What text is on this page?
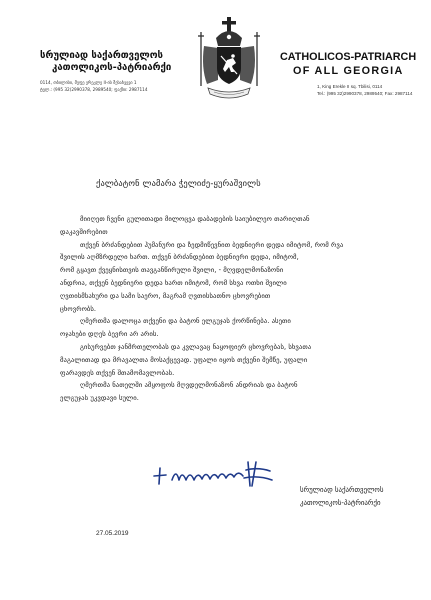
სრულიად საქართველოს
კათოლიკოს-პატრიარქი
0114, თბილისი, მეფე ერეკლე II-ის შესახვევი 1
ტელ.: (995 32)2990378, 2989540; ფაქსი: 2987114
CATHOLICOS-PATRIARCH
OF ALL GEORGIA
1, King Erekle II sq. Tbilisi, 0114
Tel.: (995 32)2990378, 2989540; Fax: 2987114
ქალბატონ ლამარა ჭელიძე-ყურაშვილს
მიიღეთ ჩვენი გულითადი მილოცვა დაბადების საიუბილეო თარიღთან
დაკავშირებით
თქვენ ბრძანდებით ჰუმანური და ზედმიწევნით ბედნიერი დედა იმიტომ, რომ რვა
შვილის აღმზრდელი ხართ. თქვენ ბრძანდებით ბედნიერი დედა, იმიტომ,
რომ გყავთ ქვეყნისთვის თავგანწირული შვილი, - მღვდელმონაზონი
ანდრია, თქვენ ბედნიერი დედა ხართ იმიტომ, რომ სხვა ოთხი შვილი
ღვთისმსახური და სამი საერო, მაგრამ ღვთისსათნო ცხოვრებით
ცხოვრობს.
ღმერთმა დალოცა თქვენი და ბატონ ელგუჯას ქორწინება. ასეთი
ოჯახები დღეს ბევრი არ არის.
გისურვებთ ჯანმრთელობას და კვლავაც ნაყოფიერ ცხოვრებას, სხვათა
მაგალითად და მრავალთა მოსაქცევად. უფალი იყოს თქვენი შემწე, უფალი
ფარავდეს თქვენ შთამომავლობას.
ღმერთმა ნათელში ამყოფოს მღვდელმონაზონ ანდრიას და ბატონ
ელგუჯას უკვდავი სული.
სრულიად საქართველოს
კათოლიკოს-პატრიარქი
27.05.2019
